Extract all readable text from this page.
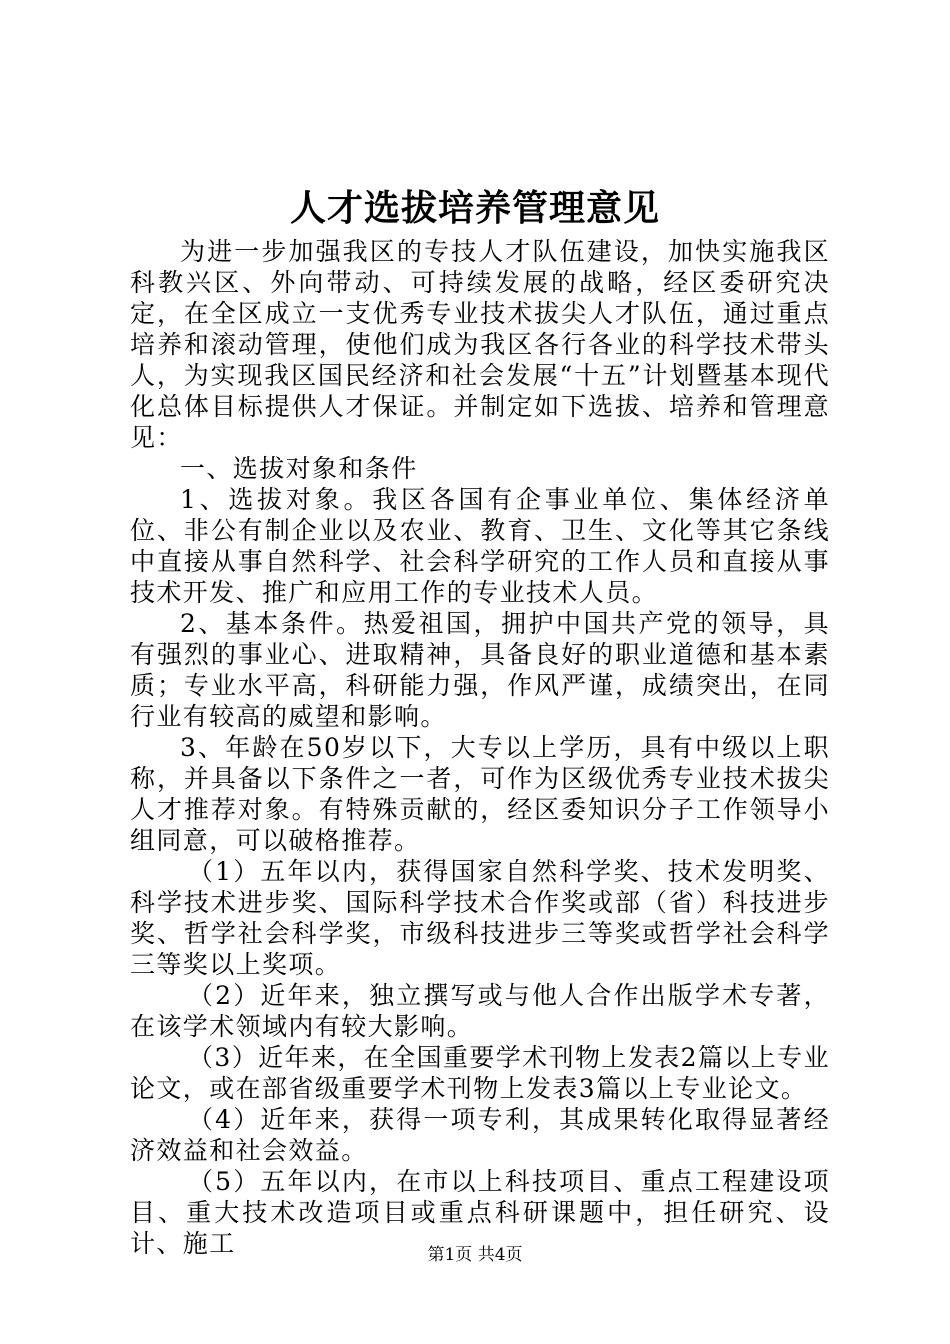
人才选拔培养管理意见

为进一步加强我区的专技人才队伍建设，加快实施我区科教兴区、外向带动、可持续发展的战略，经区委研究决定，在全区成立一支优秀专业技术拔尖人才队伍，通过重点培养和滚动管理，使他们成为我区各行各业的科学技术带头人，为实现我区国民经济和社会发展“十五”计划暨基本现代化总体目标提供人才保证。并制定如下选拔、培养和管理意见：

一、选拔对象和条件

1、选拔对象。我区各国有企事业单位、集体经济单位、非公有制企业以及农业、教育、卫生、文化等其它条线中直接从事自然科学、社会科学研究的工作人员和直接从事技术开发、推广和应用工作的专业技术人员。

2、基本条件。热爱祖国，拥护中国共产党的领导，具有强烈的事业心、进取精神，具备良好的职业道德和基本素质；专业水平高，科研能力强，作风严谨，成绩突出，在同行业有较高的威望和影响。

3、年龄在50岁以下，大专以上学历，具有中级以上职称，并具备以下条件之一者，可作为区级优秀专业技术拔尖人才推荐对象。有特殊贡献的，经区委知识分子工作领导小组同意，可以破格推荐。

（1）五年以内，获得国家自然科学奖、技术发明奖、科学技术进步奖、国际科学技术合作奖或部（省）科技进步奖、哲学社会科学奖，市级科技进步三等奖或哲学社会科学三等奖以上奖项。

（2）近年来，独立撰写或与他人合作出版学术专著，在该学术领域内有较大影响。

（3）近年来，在全国重要学术刊物上发表2篇以上专业论文，或在部省级重要学术刊物上发表3篇以上专业论文。

（4）近年来，获得一项专利，其成果转化取得显著经济效益和社会效益。

（5）五年以内，在市以上科技项目、重点工程建设项目、重大技术改造项目或重点科研课题中，担任研究、设计、施工	第1页 共4页
